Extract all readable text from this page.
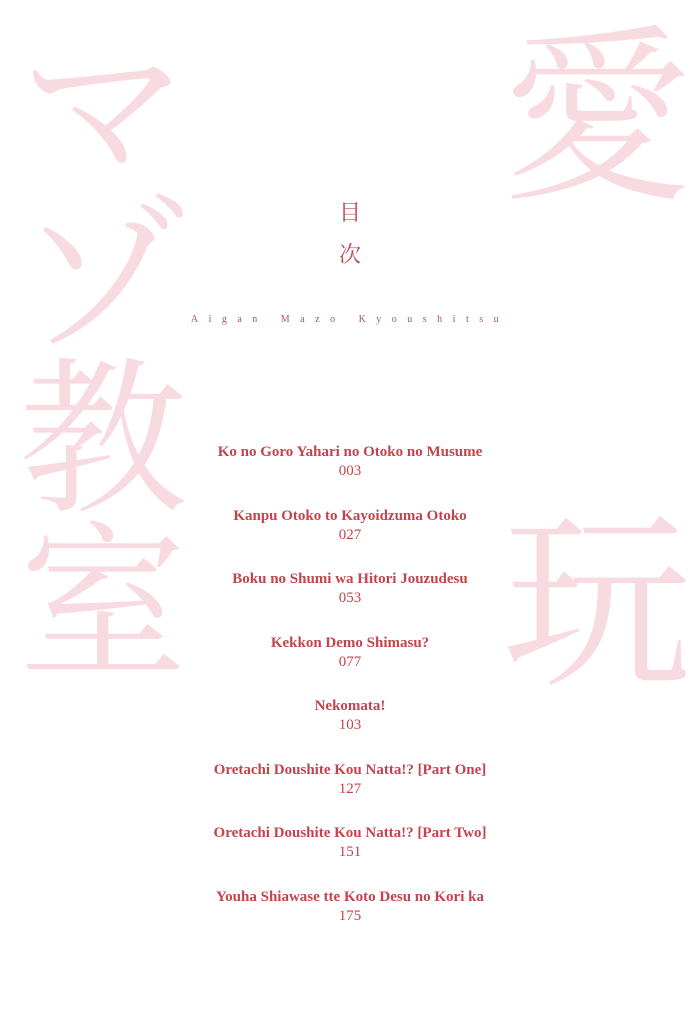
マ
ゾ
教
室
愛
玩
目
次
Aigan Mazo Kyoushitsu
Ko no Goro Yahari no Otoko no Musume
003
Kanpu Otoko to Kayoidzuma Otoko
027
Boku no Shumi wa Hitori Jouzudesu
053
Kekkon Demo Shimasu?
077
Nekomata!
103
Oretachi Doushite Kou Natta!? [Part One]
127
Oretachi Doushite Kou Natta!? [Part Two]
151
Youha Shiawase tte Koto Desu no Kori ka
175
